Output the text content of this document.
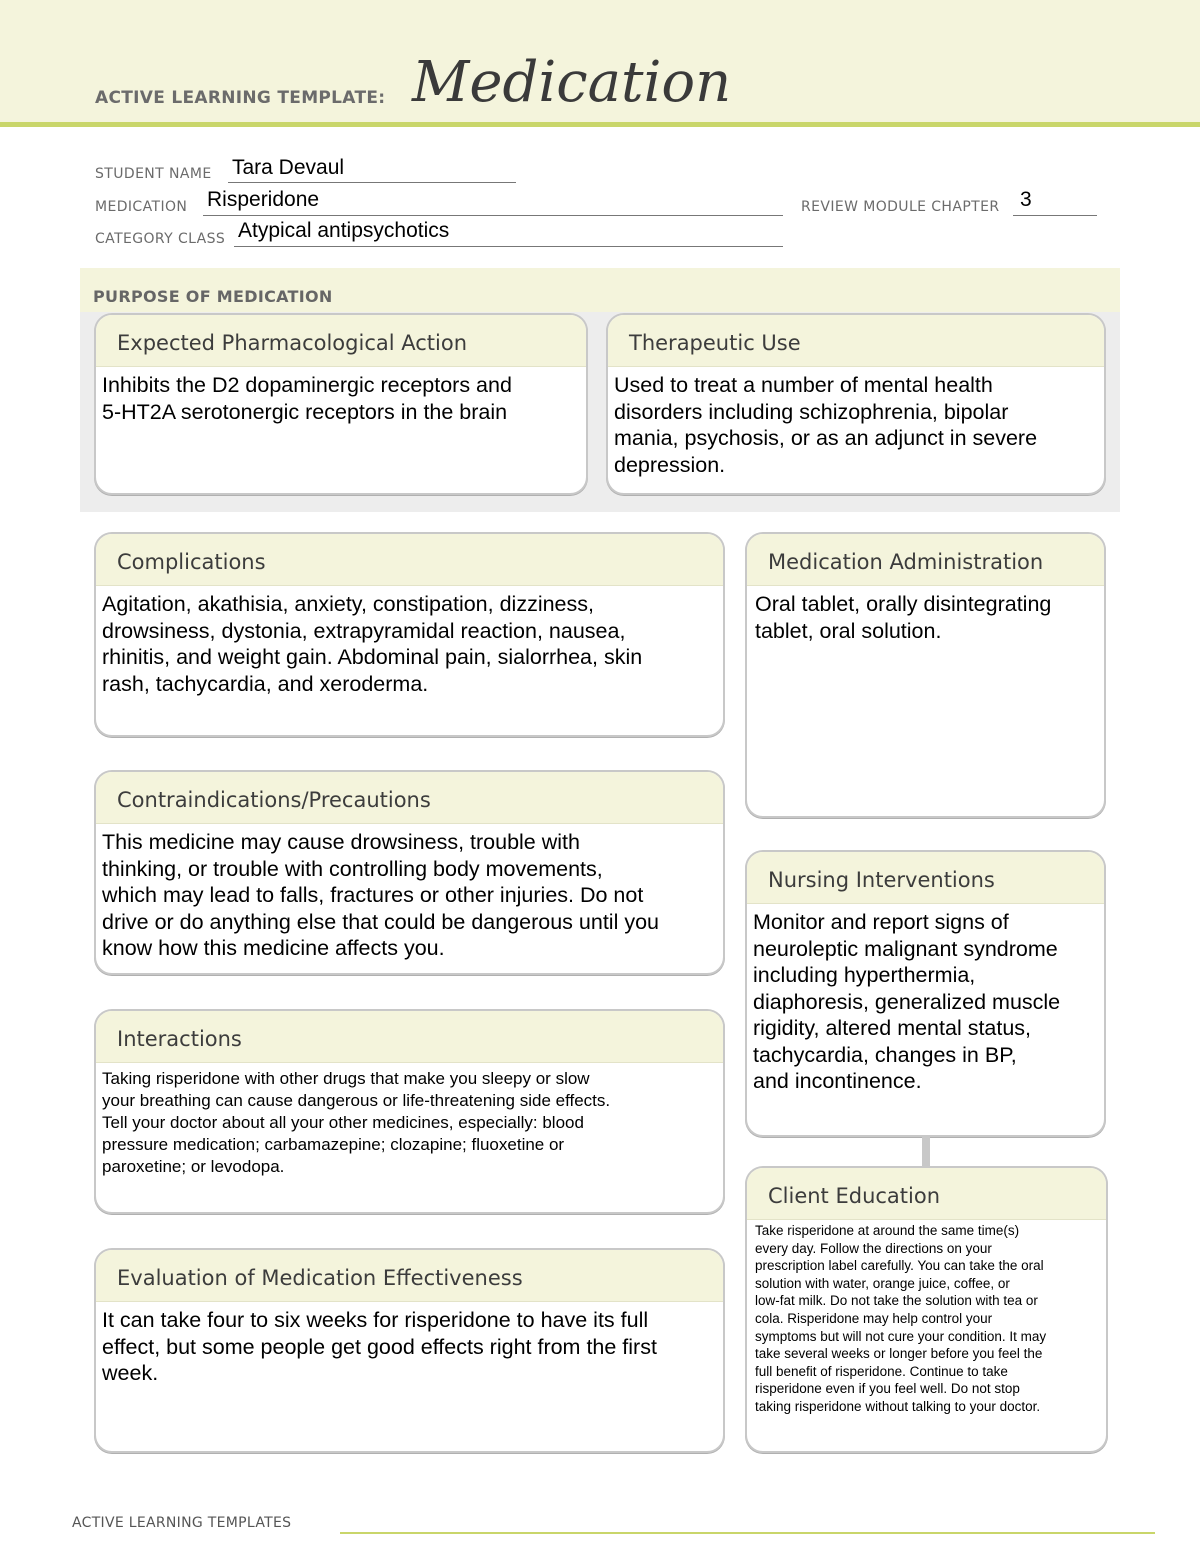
ACTIVE LEARNING TEMPLATE: Medication
STUDENT NAME Tara Devaul
MEDICATION Risperidone	REVIEW MODULE CHAPTER 3
CATEGORY CLASS Atypical antipsychotics
PURPOSE OF MEDICATION
Expected Pharmacological Action
Inhibits the D2 dopaminergic receptors and
5-HT2A serotonergic receptors in the brain
Therapeutic Use
Used to treat a number of mental health
disorders including schizophrenia, bipolar
mania, psychosis, or as an adjunct in severe
depression.
Complications
Agitation, akathisia, anxiety, constipation, dizziness,
drowsiness, dystonia, extrapyramidal reaction, nausea,
rhinitis, and weight gain. Abdominal pain, sialorrhea, skin
rash, tachycardia, and xeroderma.
Medication Administration
Oral tablet, orally disintegrating
tablet, oral solution.
Contraindications/Precautions
This medicine may cause drowsiness, trouble with
thinking, or trouble with controlling body movements,
which may lead to falls, fractures or other injuries. Do not
drive or do anything else that could be dangerous until you
know how this medicine affects you.
Nursing Interventions
Monitor and report signs of
neuroleptic malignant syndrome
including hyperthermia,
diaphoresis, generalized muscle
rigidity, altered mental status,
tachycardia, changes in BP,
and incontinence.
Interactions
Taking risperidone with other drugs that make you sleepy or slow
your breathing can cause dangerous or life-threatening side effects.
Tell your doctor about all your other medicines, especially: blood
pressure medication; carbamazepine; clozapine; fluoxetine or
paroxetine; or levodopa.
Client Education
Take risperidone at around the same time(s)
every day. Follow the directions on your
prescription label carefully. You can take the oral
solution with water, orange juice, coffee, or
low-fat milk. Do not take the solution with tea or
cola. Risperidone may help control your
symptoms but will not cure your condition. It may
take several weeks or longer before you feel the
full benefit of risperidone. Continue to take
risperidone even if you feel well. Do not stop
taking risperidone without talking to your doctor.
Evaluation of Medication Effectiveness
It can take four to six weeks for risperidone to have its full
effect, but some people get good effects right from the first
week.
ACTIVE LEARNING TEMPLATES
